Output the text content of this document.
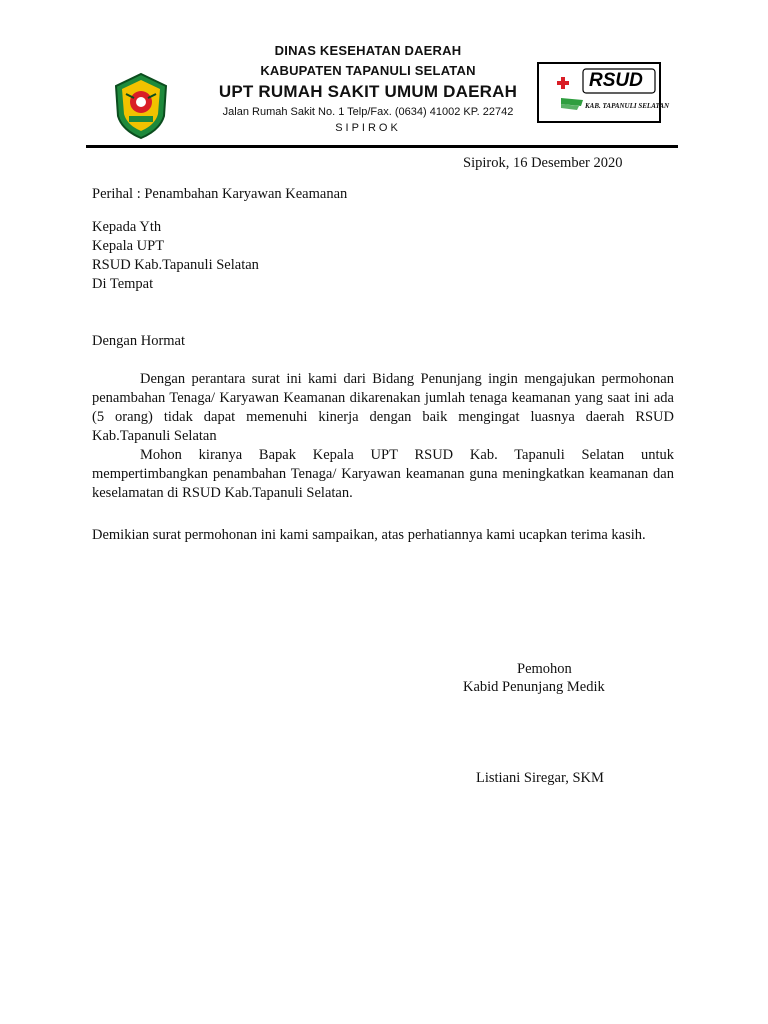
DINAS KESEHATAN DAERAH
KABUPATEN TAPANULI SELATAN
UPT RUMAH SAKIT UMUM DAERAH
Jalan Rumah Sakit No. 1 Telp/Fax. (0634) 41002 KP. 22742
SIPIROK
RSUD
KAB. TAPANULI SELATAN
Sipirok, 16 Desember 2020
Perihal : Penambahan Karyawan Keamanan
Kepada Yth
Kepala UPT
RSUD Kab.Tapanuli Selatan
Di Tempat
Dengan Hormat
Dengan perantara surat ini kami dari Bidang Penunjang ingin mengajukan permohonan penambahan Tenaga/ Karyawan Keamanan dikarenakan jumlah tenaga keamanan yang saat ini ada (5 orang) tidak dapat memenuhi kinerja dengan baik mengingat luasnya daerah RSUD Kab.Tapanuli Selatan
Mohon kiranya Bapak Kepala UPT RSUD Kab. Tapanuli Selatan untuk mempertimbangkan penambahan Tenaga/ Karyawan keamanan guna meningkatkan keamanan dan keselamatan di RSUD Kab.Tapanuli Selatan.
Demikian surat permohonan ini kami sampaikan, atas perhatiannya kami ucapkan terima kasih.
Pemohon
Kabid Penunjang Medik
Listiani Siregar, SKM
